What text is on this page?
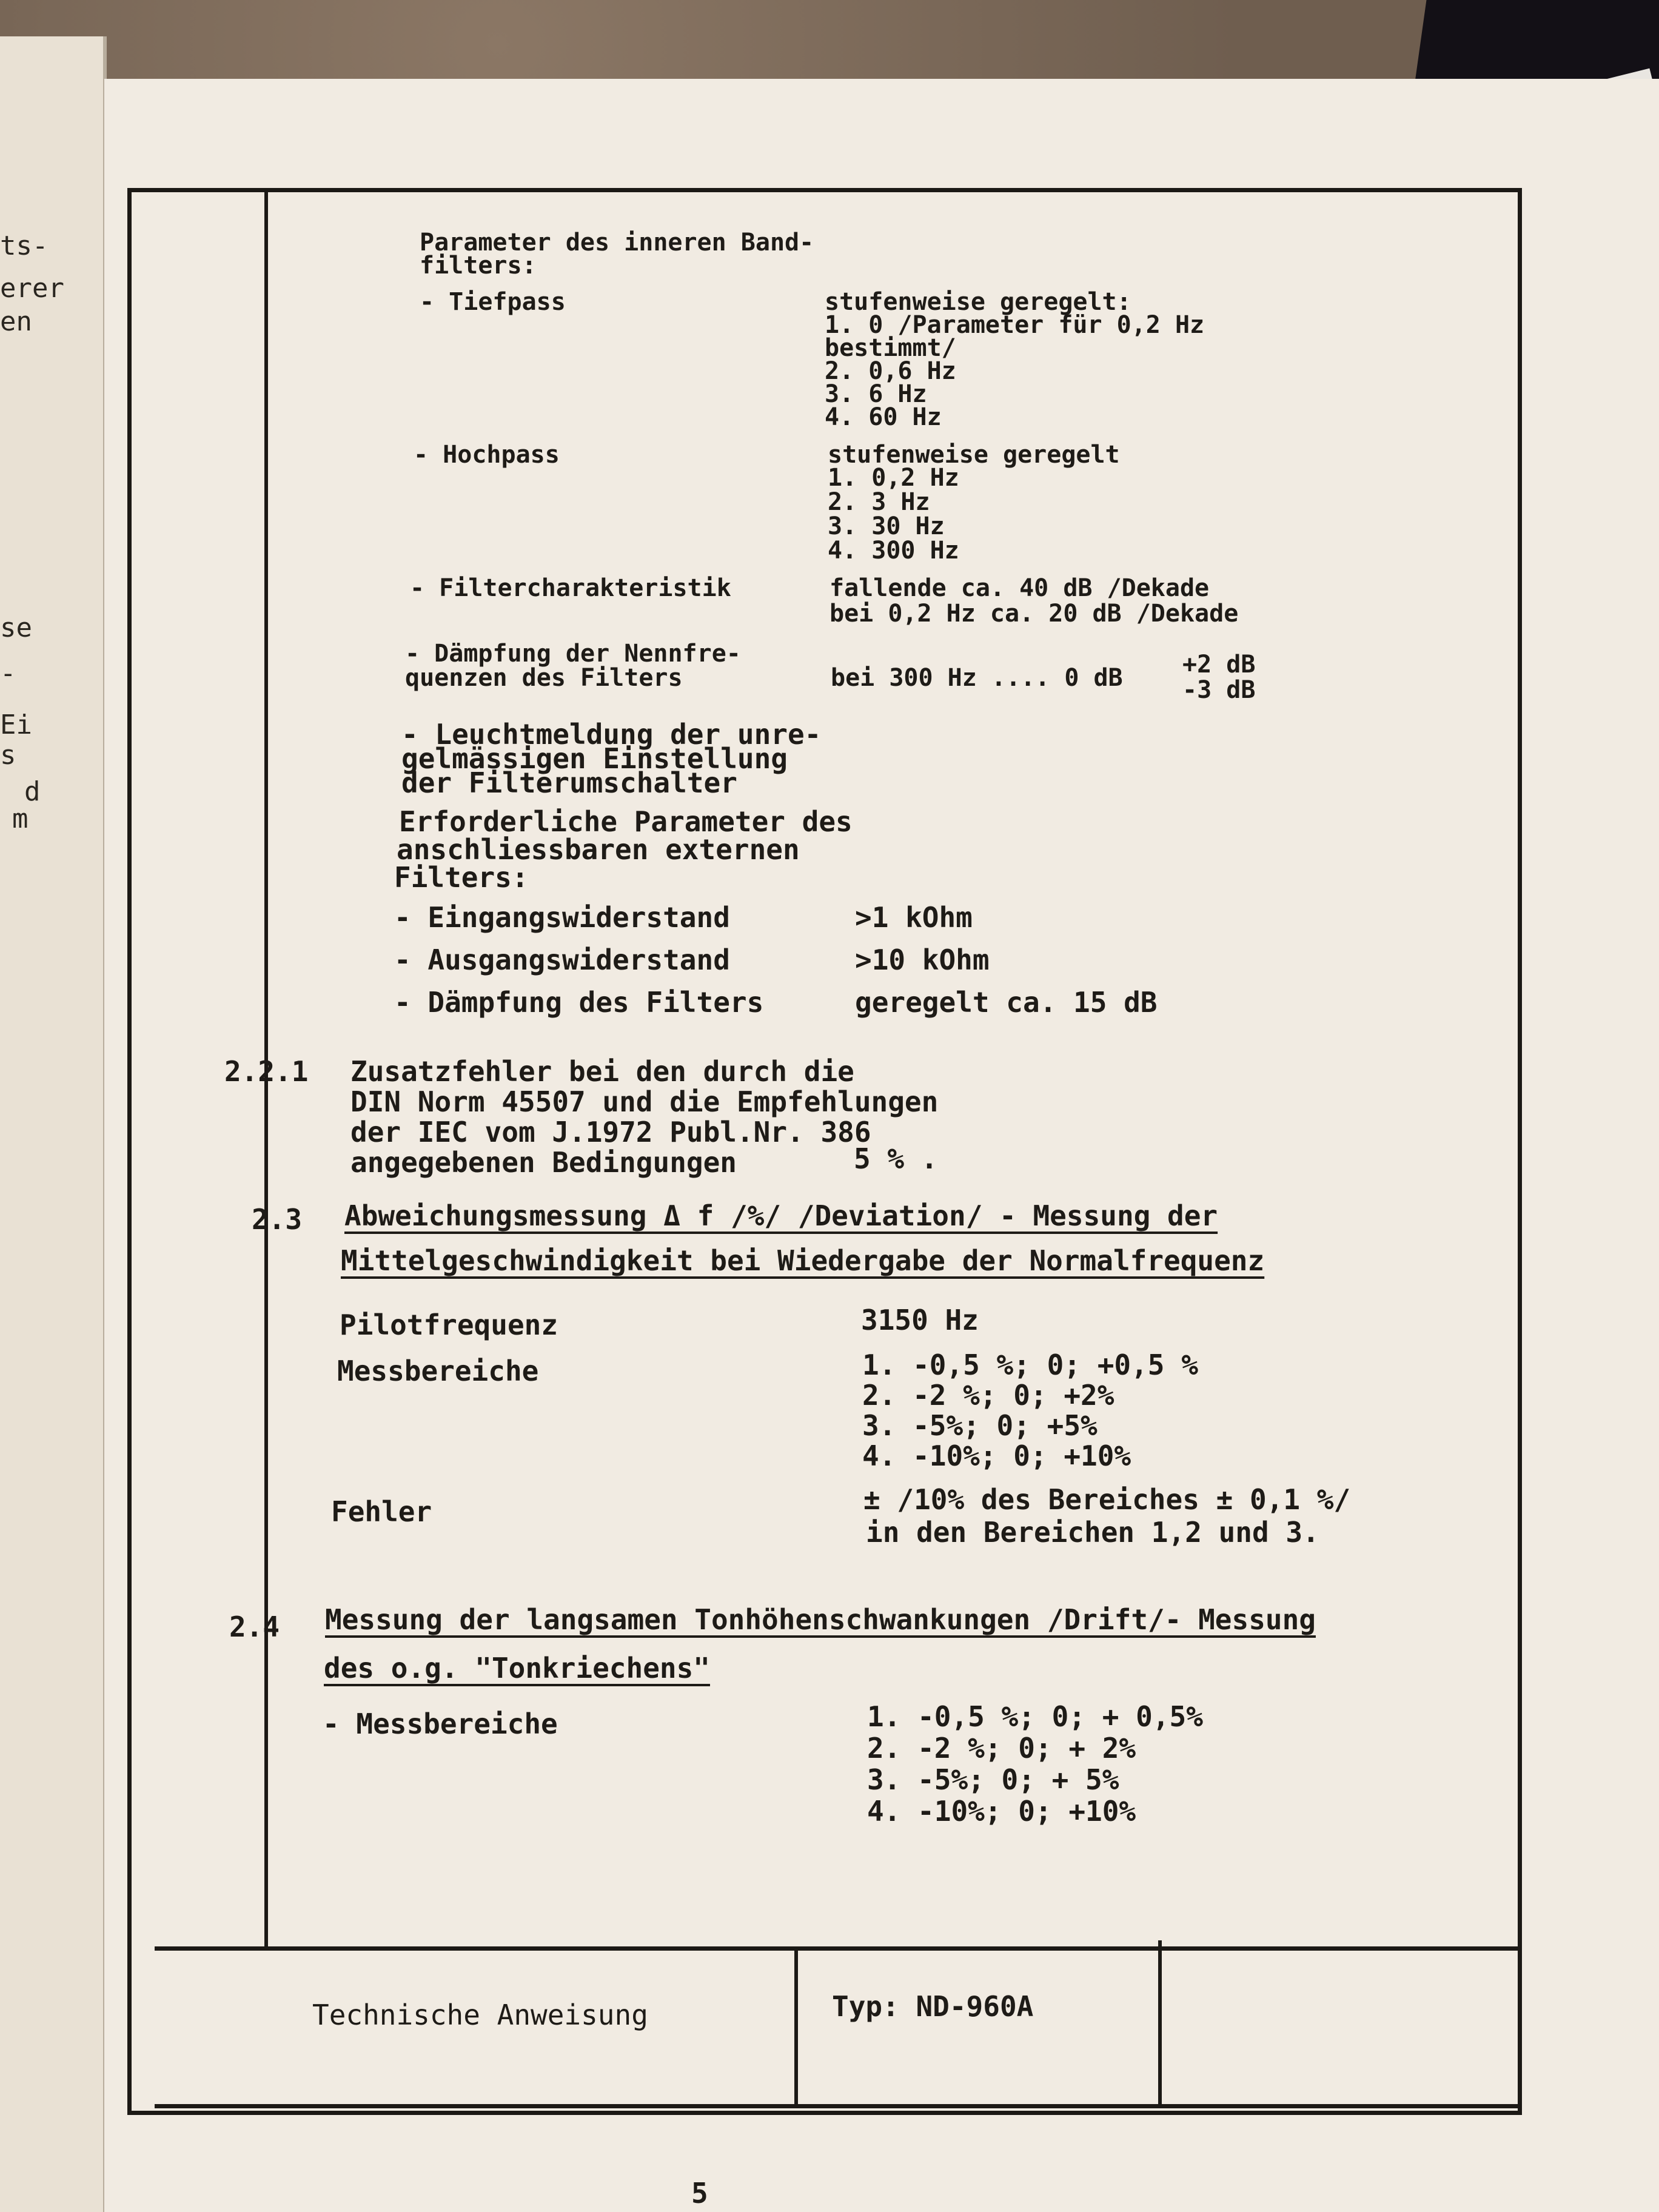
ts-
erer
en
se
-
Ei
s
d
m
Parameter des inneren Band-
filters:
- Tiefpass	stufenweise geregelt:
1. 0 /Parameter für 0,2 Hz
bestimmt/
2. 0,6 Hz
3. 6 Hz
4. 60 Hz
- Hochpass	stufenweise geregelt
1. 0,2 Hz
2. 3 Hz
3. 30 Hz
4. 300 Hz
- Filtercharakteristik	fallende ca. 40 dB /Dekade
bei 0,2 Hz ca. 20 dB /Dekade
- Dämpfung der Nennfre-
quenzen des Filters	bei 300 Hz .... 0 dB +2 dB
-3 dB
- Leuchtmeldung der unre-
gelmässigen Einstellung
der Filterumschalter
Erforderliche Parameter des
anschliessbaren externen
Filters:
- Eingangswiderstand	>1 kOhm
- Ausgangswiderstand	>10 kOhm
- Dämpfung des Filters	geregelt ca. 15 dB
2.2.1 Zusatzfehler bei den durch die
DIN Norm 45507 und die Empfehlungen
der IEC vom J.1972 Publ.Nr. 386
angegebenen Bedingungen	5 % .
2.3 Abweichungsmessung Δ f /%/ /Deviation/ - Messung der
Mittelgeschwindigkeit bei Wiedergabe der Normalfrequenz
Pilotfrequenz	3150 Hz
Messbereiche	1. -0,5 %; 0; +0,5 %
2. -2 %; 0; +2%
3. -5%; 0; +5%
4. -10%; 0; +10%
Fehler	± /10% des Bereiches ± 0,1 %/
in den Bereichen 1,2 und 3.
2.4 Messung der langsamen Tonhöhenschwankungen /Drift/- Messung
des o.g. "Tonkriechens"
- Messbereiche	1. -0,5 %; 0; + 0,5%
2. -2 %; 0; + 2%
3. -5%; 0; + 5%
4. -10%; 0; +10%
Technische Anweisung	Typ: ND-960A
5
